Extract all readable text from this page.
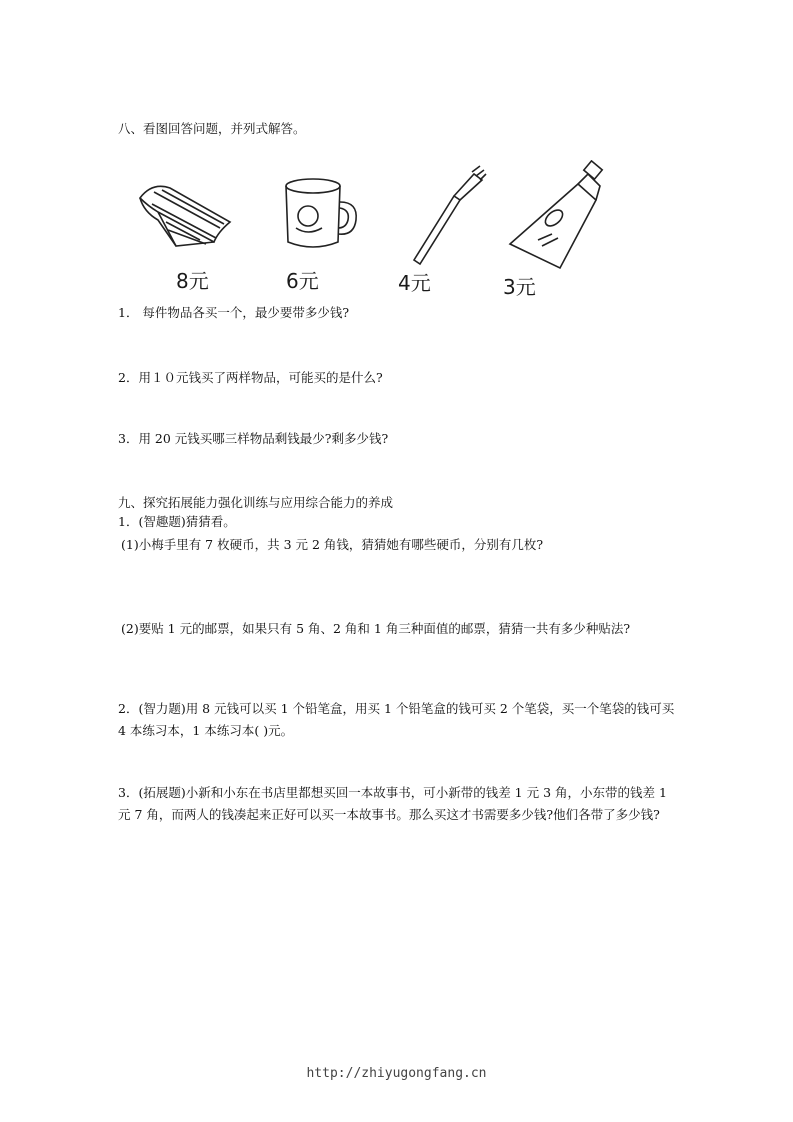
八、看图回答问题，并列式解答。
8元	6元	4元	3元
1． 每件物品各买一个，最少要带多少钱?
2．用１０元钱买了两样物品，可能买的是什么?
3．用 20 元钱买哪三样物品剩钱最少?剩多少钱?
九、探究拓展能力强化训练与应用综合能力的养成
1．(智趣题)猜猜看。
(1)小梅手里有 7 枚硬币，共 3 元 2 角钱，猜猜她有哪些硬币，分别有几枚?
(2)要贴 1 元的邮票，如果只有 5 角、2 角和 1 角三种面值的邮票，猜猜一共有多少种贴法?
2．(智力题)用 8 元钱可以买 1 个铅笔盒，用买 1 个铅笔盒的钱可买 2 个笔袋，买一个笔袋的钱可买 4 本练习本，1 本练习本( )元。
3．(拓展题)小新和小东在书店里都想买回一本故事书，可小新带的钱差 1 元 3 角，小东带的钱差 1 元 7 角，而两人的钱凑起来正好可以买一本故事书。那么买这才书需要多少钱?他们各带了多少钱?
http://zhiyugongfang.cn
